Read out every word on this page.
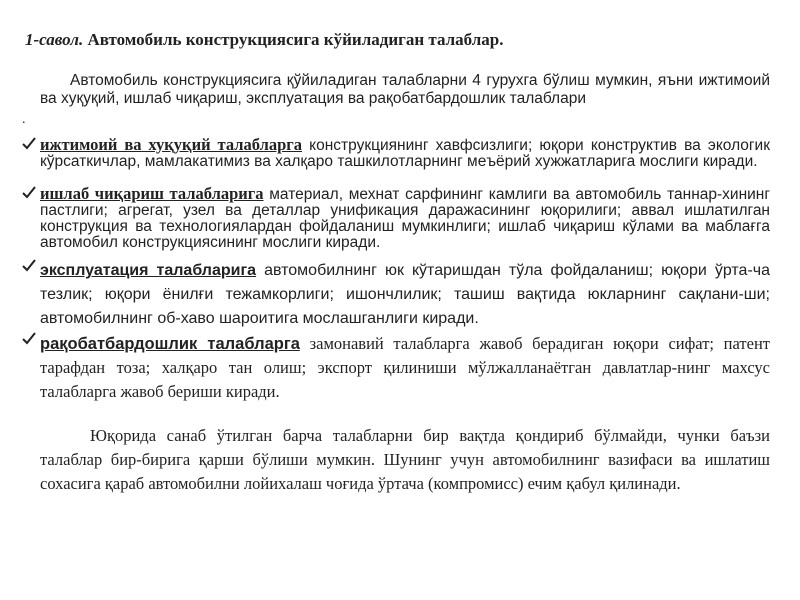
1-савол. Автомобиль конструкциясига кўйиладиган талаблар.

Автомобиль конструкциясига қўйиладиган талабларни 4 гурухга бўлиш мумкин, яъни ижтимоий ва хуқуқий, ишлаб чиқариш, эксплуатация ва рақобатбардошлик талаблари

.

ижтимоий ва хуқуқий талабларга конструкциянинг хавфсизлиги; юқори конструктив ва экологик кўрсаткичлар, мамлакатимиз ва халқаро ташкилотларнинг меъёрий хужжатларига мослиги киради.

ишлаб чиқариш талабларига материал, мехнат сарфининг камлиги ва автомобиль таннар-хининг пастлиги; агрегат, узел ва деталлар унификация даражасининг юқорилиги; аввал ишлатилган конструкция ва технологиялардан фойдаланиш мумкинлиги; ишлаб чиқариш кўлами ва маблағга автомобил конструкциясининг мослиги киради.

эксплуатация талабларига автомобилнинг юк кўтаришдан тўла фойдаланиш; юқори ўрта-ча тезлик; юқори ёнилғи тежамкорлиги; ишончлилик; ташиш вақтида юкларнинг сақлани-ши; автомобилнинг об-хаво шароитига мослашганлиги киради.

рақобатбардошлик талабларга замонавий талабларга жавоб берадиган юқори сифат; патент тарафдан тоза; халқаро тан олиш; экспорт қилиниши мўлжалланаётган давлатлар-нинг махсус талабларга жавоб бериши киради.

Юқорида санаб ўтилган барча талабларни бир вақтда қондириб бўлмайди, чунки баъзи талаблар бир-бирига қарши бўлиши мумкин. Шунинг учун автомобилнинг вазифаси ва ишлатиш сохасига қараб автомобилни лойихалаш чоғида ўртача (компромисс) ечим қабул қилинади.
